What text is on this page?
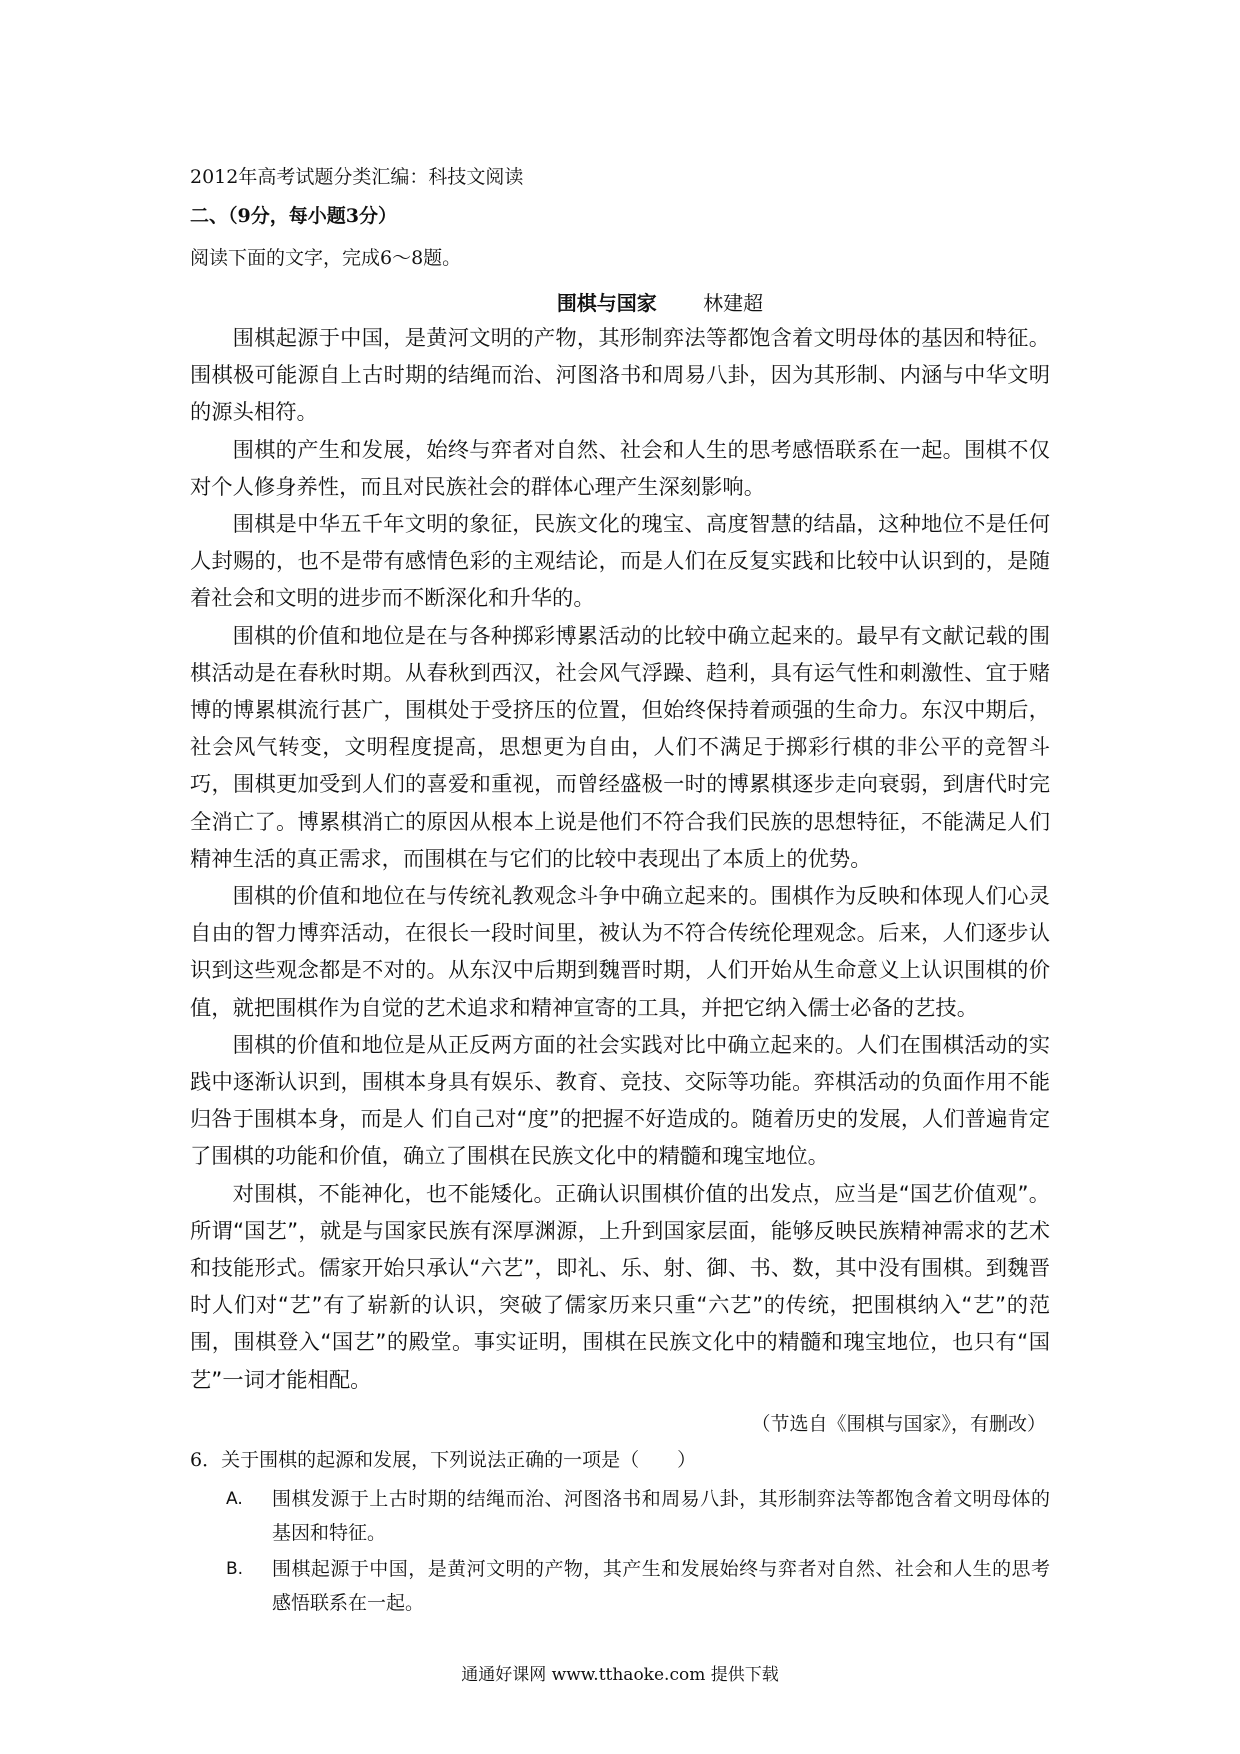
2012年高考试题分类汇编：科技文阅读
二、（9分，每小题3分）
阅读下面的文字，完成6～8题。
围棋与国家 林建超

围棋起源于中国，是黄河文明的产物，其形制弈法等都饱含着文明母体的基因和特征。围棋极可能源自上古时期的结绳而治、河图洛书和周易八卦，因为其形制、内涵与中华文明的源头相符。

围棋的产生和发展，始终与弈者对自然、社会和人生的思考感悟联系在一起。围棋不仅对个人修身养性，而且对民族社会的群体心理产生深刻影响。

围棋是中华五千年文明的象征，民族文化的瑰宝、高度智慧的结晶，这种地位不是任何人封赐的，也不是带有感情色彩的主观结论，而是人们在反复实践和比较中认识到的，是随着社会和文明的进步而不断深化和升华的。

围棋的价值和地位是在与各种掷彩博累活动的比较中确立起来的。最早有文献记载的围棋活动是在春秋时期。从春秋到西汉，社会风气浮躁、趋利，具有运气性和刺激性、宜于赌博的博累棋流行甚广，围棋处于受挤压的位置，但始终保持着顽强的生命力。东汉中期后，社会风气转变，文明程度提高，思想更为自由，人们不满足于掷彩行棋的非公平的竞智斗巧，围棋更加受到人们的喜爱和重视，而曾经盛极一时的博累棋逐步走向衰弱，到唐代时完全消亡了。博累棋消亡的原因从根本上说是他们不符合我们民族的思想特征，不能满足人们精神生活的真正需求，而围棋在与它们的比较中表现出了本质上的优势。

围棋的价值和地位在与传统礼教观念斗争中确立起来的。围棋作为反映和体现人们心灵自由的智力博弈活动，在很长一段时间里，被认为不符合传统伦理观念。后来，人们逐步认识到这些观念都是不对的。从东汉中后期到魏晋时期，人们开始从生命意义上认识围棋的价值，就把围棋作为自觉的艺术追求和精神宣寄的工具，并把它纳入儒士必备的艺技。

围棋的价值和地位是从正反两方面的社会实践对比中确立起来的。人们在围棋活动的实践中逐渐认识到，围棋本身具有娱乐、教育、竞技、交际等功能。弈棋活动的负面作用不能归咎于围棋本身，而是人 们自己对“度”的把握不好造成的。随着历史的发展，人们普遍肯定了围棋的功能和价值，确立了围棋在民族文化中的精髓和瑰宝地位。

对围棋，不能神化，也不能矮化。正确认识围棋价值的出发点，应当是“国艺价值观”。所谓“国艺”，就是与国家民族有深厚渊源，上升到国家层面，能够反映民族精神需求的艺术和技能形式。儒家开始只承认“六艺”，即礼、乐、射、御、书、数，其中没有围棋。到魏晋时人们对“艺”有了崭新的认识，突破了儒家历来只重“六艺”的传统，把围棋纳入“艺”的范围，围棋登入“国艺”的殿堂。事实证明，围棋在民族文化中的精髓和瑰宝地位，也只有“国艺”一词才能相配。

（节选自《围棋与国家》，有删改）
6．关于围棋的起源和发展，下列说法正确的一项是（　　）
A. 围棋发源于上古时期的结绳而治、河图洛书和周易八卦，其形制弈法等都饱含着文明母体的基因和特征。
B. 围棋起源于中国，是黄河文明的产物，其产生和发展始终与弈者对自然、社会和人生的思考感悟联系在一起。
通通好课网 www.tthaoke.com 提供下载
